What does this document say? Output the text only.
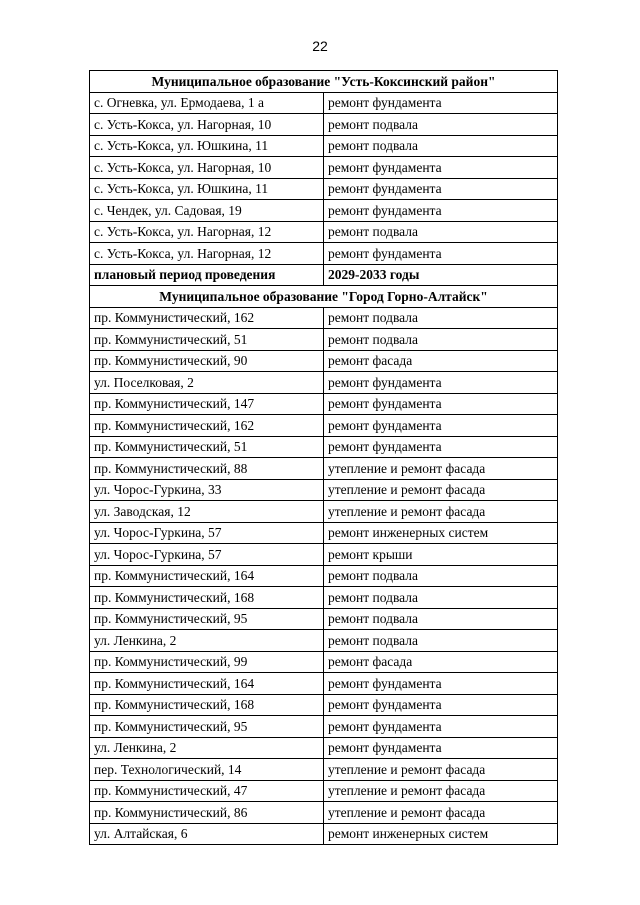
22
Муниципальное образование "Усть-Коксинский район"	
с. Огневка, ул. Ермодаева, 1 а	ремонт фундамента
с. Усть-Кокса, ул. Нагорная, 10	ремонт подвала
с. Усть-Кокса, ул. Юшкина, 11	ремонт подвала
с. Усть-Кокса, ул. Нагорная, 10	ремонт фундамента
с. Усть-Кокса, ул. Юшкина, 11	ремонт фундамента
с. Чендек, ул. Садовая, 19	ремонт фундамента
с. Усть-Кокса, ул. Нагорная, 12	ремонт подвала
с. Усть-Кокса, ул. Нагорная, 12	ремонт фундамента
плановый период проведения	2029-2033 годы
Муниципальное образование "Город Горно-Алтайск"	
пр. Коммунистический, 162	ремонт подвала
пр. Коммунистический, 51	ремонт подвала
пр. Коммунистический, 90	ремонт фасада
ул. Поселковая, 2	ремонт фундамента
пр. Коммунистический, 147	ремонт фундамента
пр. Коммунистический, 162	ремонт фундамента
пр. Коммунистический, 51	ремонт фундамента
пр. Коммунистический, 88	утепление и ремонт фасада
ул. Чорос-Гуркина, 33	утепление и ремонт фасада
ул. Заводская, 12	утепление и ремонт фасада
ул. Чорос-Гуркина, 57	ремонт инженерных систем
ул. Чорос-Гуркина, 57	ремонт крыши
пр. Коммунистический, 164	ремонт подвала
пр. Коммунистический, 168	ремонт подвала
пр. Коммунистический, 95	ремонт подвала
ул. Ленкина, 2	ремонт подвала
пр. Коммунистический, 99	ремонт фасада
пр. Коммунистический, 164	ремонт фундамента
пр. Коммунистический, 168	ремонт фундамента
пр. Коммунистический, 95	ремонт фундамента
ул. Ленкина, 2	ремонт фундамента
пер. Технологический, 14	утепление и ремонт фасада
пр. Коммунистический, 47	утепление и ремонт фасада
пр. Коммунистический, 86	утепление и ремонт фасада
ул. Алтайская, 6	ремонт инженерных систем
